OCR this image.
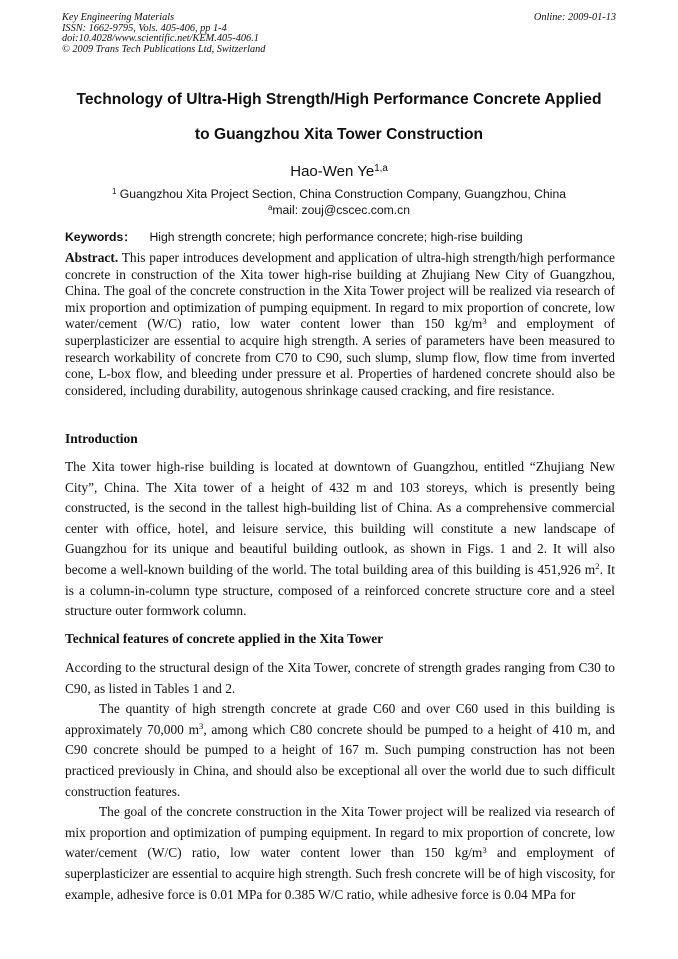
Key Engineering Materials
ISSN: 1662-9795, Vols. 405-406, pp 1-4
doi:10.4028/www.scientific.net/KEM.405-406.1
© 2009 Trans Tech Publications Ltd, Switzerland
Online: 2009-01-13
Technology of Ultra-High Strength/High Performance Concrete Applied
to Guangzhou Xita Tower Construction
Hao-Wen Ye$^{1,a}$
$^1$ Guangzhou Xita Project Section, China Construction Company, Guangzhou, China
$^a$mail: zouj@cscec.com.cn
Keywords： High strength concrete; high performance concrete; high-rise building

Abstract. This paper introduces development and application of ultra-high strength/high performance concrete in construction of the Xita tower high-rise building at Zhujiang New City of Guangzhou, China. The goal of the concrete construction in the Xita Tower project will be realized via research of mix proportion and optimization of pumping equipment. In regard to mix proportion of concrete, low water/cement (W/C) ratio, low water content lower than 150 $kg/m^3$ and employment of superplasticizer are essential to acquire high strength. A series of parameters have been measured to research workability of concrete from C70 to C90, such slump, slump flow, flow time from inverted cone, L-box flow, and bleeding under pressure et al. Properties of hardened concrete should also be considered, including durability, autogenous shrinkage caused cracking, and fire resistance.

Introduction

The Xita tower high-rise building is located at downtown of Guangzhou, entitled “Zhujiang New City”, China. The Xita tower of a height of 432 m and 103 storeys, which is presently being constructed, is the second in the tallest high-building list of China. As a comprehensive commercial center with office, hotel, and leisure service, this building will constitute a new landscape of Guangzhou for its unique and beautiful building outlook, as shown in Figs. 1 and 2. It will also become a well-known building of the world. The total building area of this building is 451,926 $m^2$. It is a column-in-column type structure, composed of a reinforced concrete structure core and a steel structure outer formwork column.

Technical features of concrete applied in the Xita Tower

According to the structural design of the Xita Tower, concrete of strength grades ranging from C30 to C90, as listed in Tables 1 and 2.

The quantity of high strength concrete at grade C60 and over C60 used in this building is approximately 70,000 $m^3$, among which C80 concrete should be pumped to a height of 410 m, and C90 concrete should be pumped to a height of 167 m. Such pumping construction has not been practiced previously in China, and should also be exceptional all over the world due to such difficult construction features.

The goal of the concrete construction in the Xita Tower project will be realized via research of mix proportion and optimization of pumping equipment. In regard to mix proportion of concrete, low water/cement (W/C) ratio, low water content lower than 150 $kg/m^3$ and employment of superplasticizer are essential to acquire high strength. Such fresh concrete will be of high viscosity, for example, adhesive force is 0.01 MPa for 0.385 W/C ratio, while adhesive force is 0.04 MPa for
